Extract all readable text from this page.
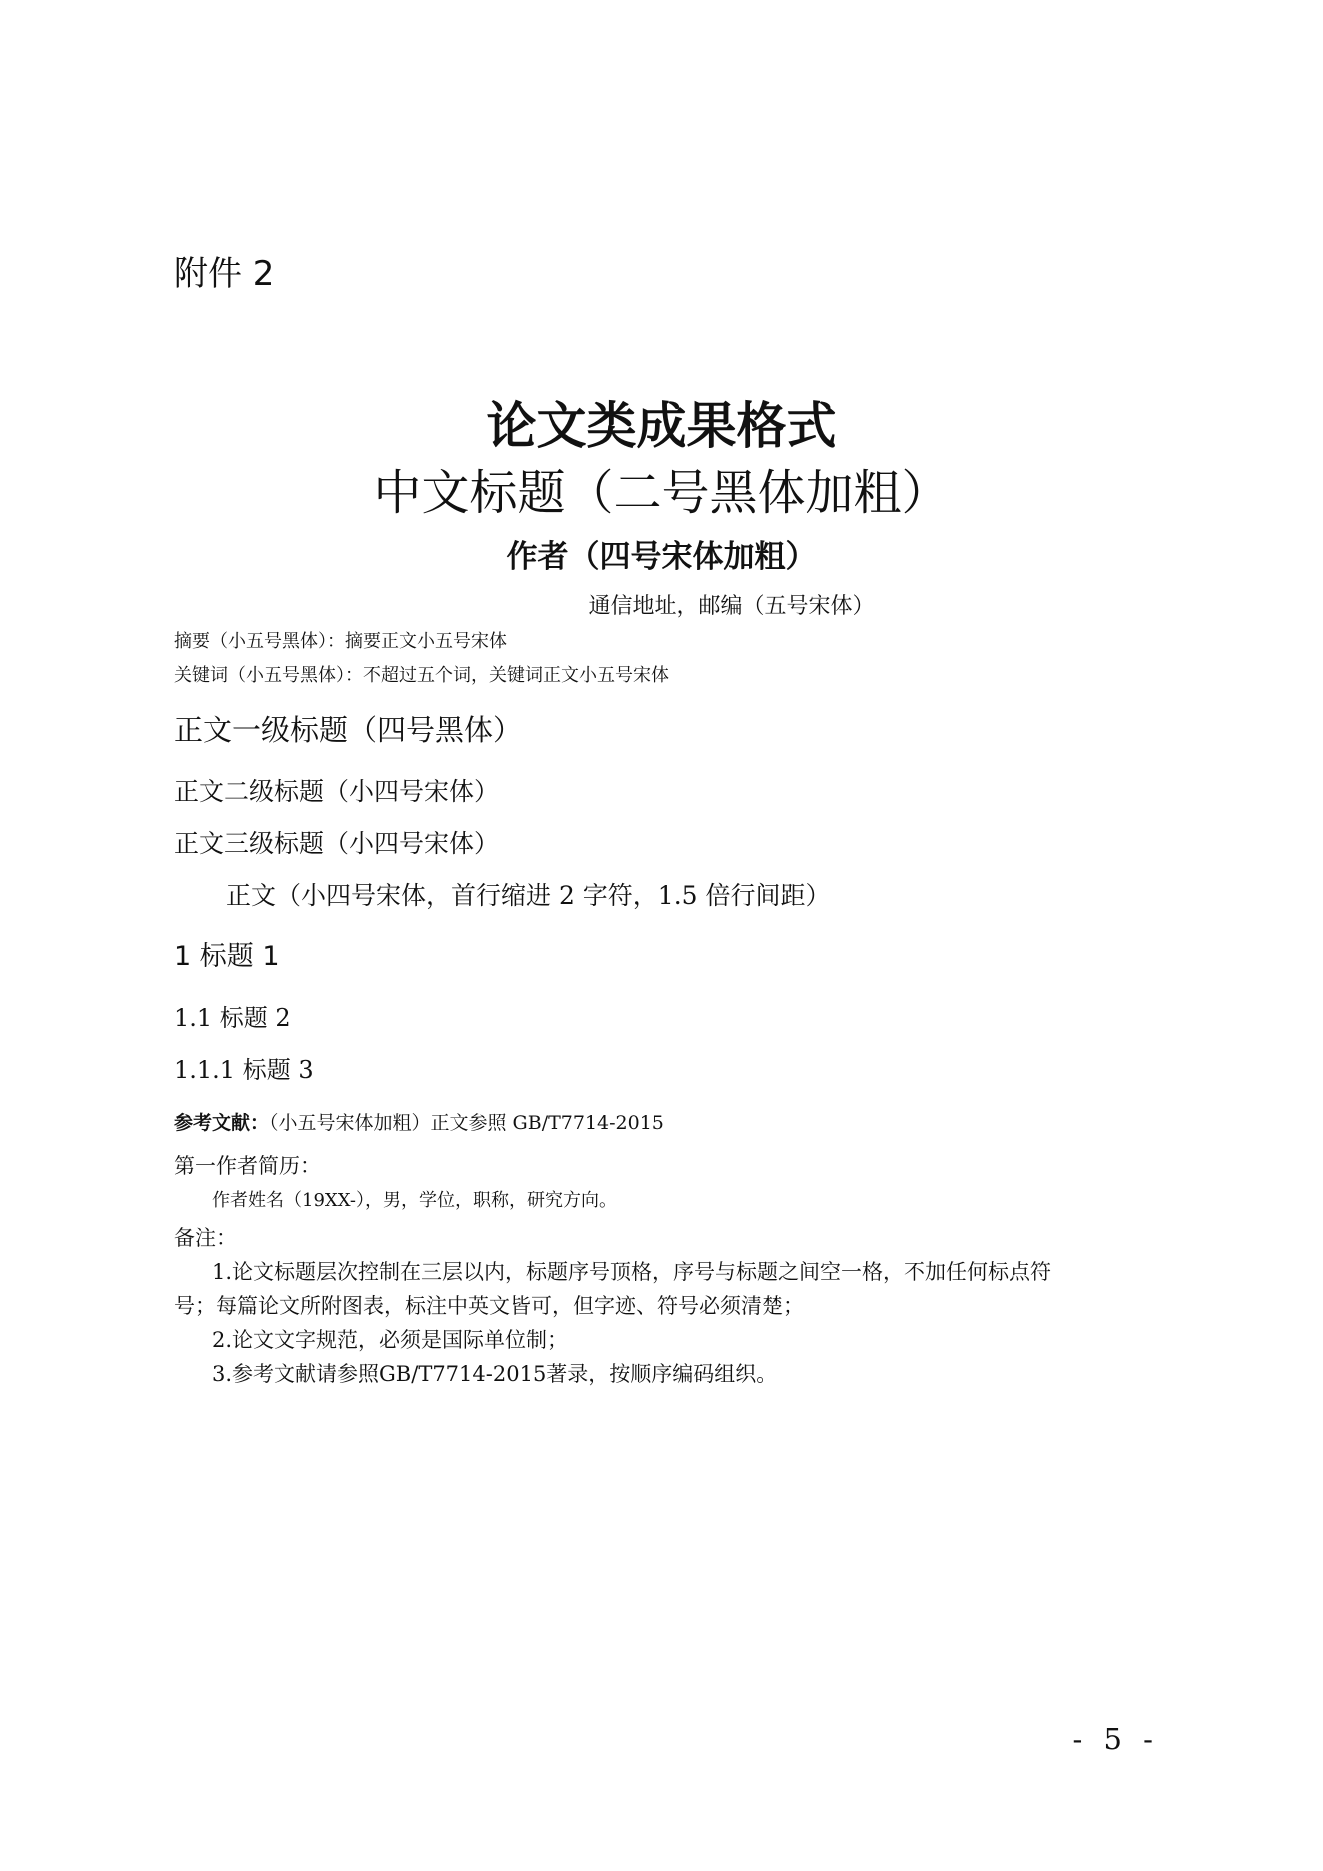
附件 2
论文类成果格式
中文标题（二号黑体加粗）
作者（四号宋体加粗）
通信地址，邮编（五号宋体）
摘要（小五号黑体）：摘要正文小五号宋体
关键词（小五号黑体）：不超过五个词，关键词正文小五号宋体
正文一级标题（四号黑体）
正文二级标题（小四号宋体）
正文三级标题（小四号宋体）
正文（小四号宋体，首行缩进 2 字符，1.5 倍行间距）
1 标题 1
1.1 标题 2
1.1.1 标题 3
参考文献：（小五号宋体加粗）正文参照 GB/T7714-2015
第一作者简历：
作者姓名（19XX-），男，学位，职称，研究方向。
备注：
1.论文标题层次控制在三层以内，标题序号顶格，序号与标题之间空一格，不加任何标点符
号；每篇论文所附图表，标注中英文皆可，但字迹、符号必须清楚；
2.论文文字规范，必须是国际单位制；
3.参考文献请参照GB/T7714-2015著录，按顺序编码组织。
- 5 -
